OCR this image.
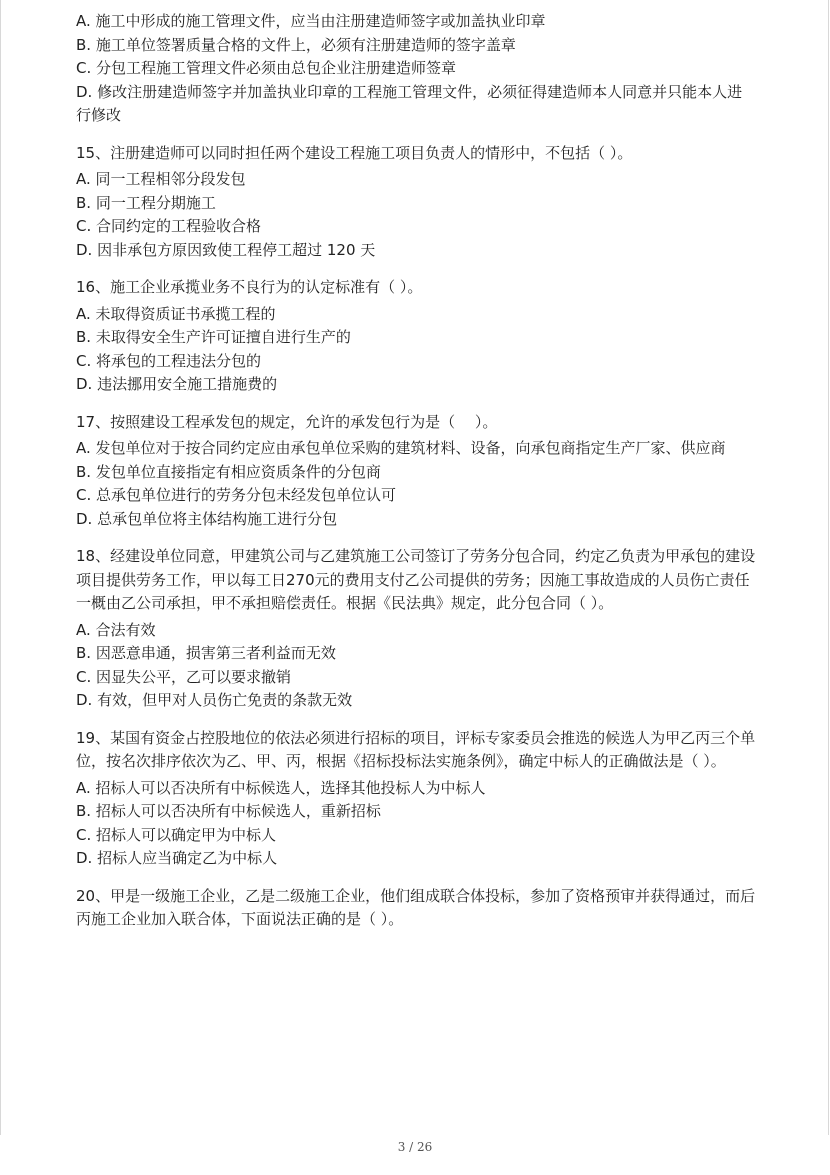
A. 施工中形成的施工管理文件，应当由注册建造师签字或加盖执业印章
B. 施工单位签署质量合格的文件上，必须有注册建造师的签字盖章
C. 分包工程施工管理文件必须由总包企业注册建造师签章
D. 修改注册建造师签字并加盖执业印章的工程施工管理文件，必须征得建造师本人同意并只能本人进行修改
15、注册建造师可以同时担任两个建设工程施工项目负责人的情形中，不包括（ ）。
A. 同一工程相邻分段发包
B. 同一工程分期施工
C. 合同约定的工程验收合格
D. 因非承包方原因致使工程停工超过 120 天
16、施工企业承揽业务不良行为的认定标准有（ ）。
A. 未取得资质证书承揽工程的
B. 未取得安全生产许可证擅自进行生产的
C. 将承包的工程违法分包的
D. 违法挪用安全施工措施费的
17、按照建设工程承发包的规定，允许的承发包行为是（　 ）。
A. 发包单位对于按合同约定应由承包单位采购的建筑材料、设备，向承包商指定生产厂家、供应商
B. 发包单位直接指定有相应资质条件的分包商
C. 总承包单位进行的劳务分包未经发包单位认可
D. 总承包单位将主体结构施工进行分包
18、经建设单位同意，甲建筑公司与乙建筑施工公司签订了劳务分包合同，约定乙负责为甲承包的建设项目提供劳务工作，甲以每工日270元的费用支付乙公司提供的劳务；因施工事故造成的人员伤亡责任一概由乙公司承担，甲不承担赔偿责任。根据《民法典》规定，此分包合同（ ）。
A. 合法有效
B. 因恶意串通，损害第三者利益而无效
C. 因显失公平，乙可以要求撤销
D. 有效，但甲对人员伤亡免责的条款无效
19、某国有资金占控股地位的依法必须进行招标的项目，评标专家委员会推选的候选人为甲乙丙三个单位，按名次排序依次为乙、甲、丙，根据《招标投标法实施条例》，确定中标人的正确做法是（ ）。
A. 招标人可以否决所有中标候选人，选择其他投标人为中标人
B. 招标人可以否决所有中标候选人，重新招标
C. 招标人可以确定甲为中标人
D. 招标人应当确定乙为中标人
20、甲是一级施工企业，乙是二级施工企业，他们组成联合体投标，参加了资格预审并获得通过，而后丙施工企业加入联合体，下面说法正确的是（ ）。
3 / 26
